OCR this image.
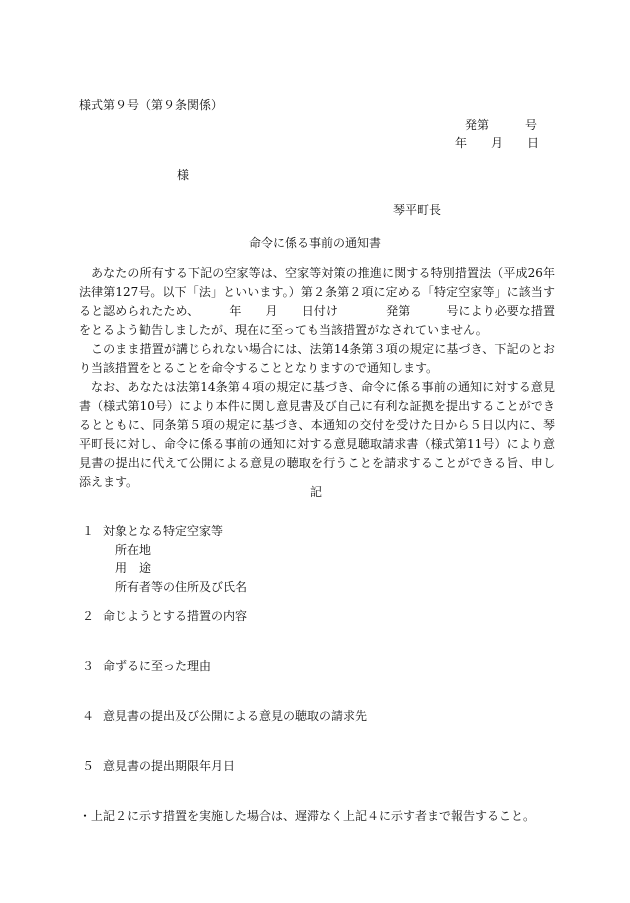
様式第９号（第９条関係）
発第　　　号
年　　月　　日
様
琴平町長
命令に係る事前の通知書
あなたの所有する下記の空家等は、空家等対策の推進に関する特別措置法（平成26年法律第127号。以下「法」といいます。）第２条第２項に定める「特定空家等」に該当すると認められたため、　　　年　　月　　日付け　　　　発第　　　号により必要な措置をとるよう勧告しましたが、現在に至っても当該措置がなされていません。
このまま措置が講じられない場合には、法第14条第３項の規定に基づき、下記のとおり当該措置をとることを命令することとなりますので通知します。
なお、あなたは法第14条第４項の規定に基づき、命令に係る事前の通知に対する意見書（様式第10号）により本件に関し意見書及び自己に有利な証拠を提出することができるとともに、同条第５項の規定に基づき、本通知の交付を受けた日から５日以内に、琴平町長に対し、命令に係る事前の通知に対する意見聴取請求書（様式第11号）により意見書の提出に代えて公開による意見の聴取を行うことを請求することができる旨、申し添えます。
記
１ 対象となる特定空家等
所在地
用　途
所有者等の住所及び氏名
２ 命じようとする措置の内容
３ 命ずるに至った理由
４ 意見書の提出及び公開による意見の聴取の請求先
５ 意見書の提出期限年月日
・上記２に示す措置を実施した場合は、遅滞なく上記４に示す者まで報告すること。
